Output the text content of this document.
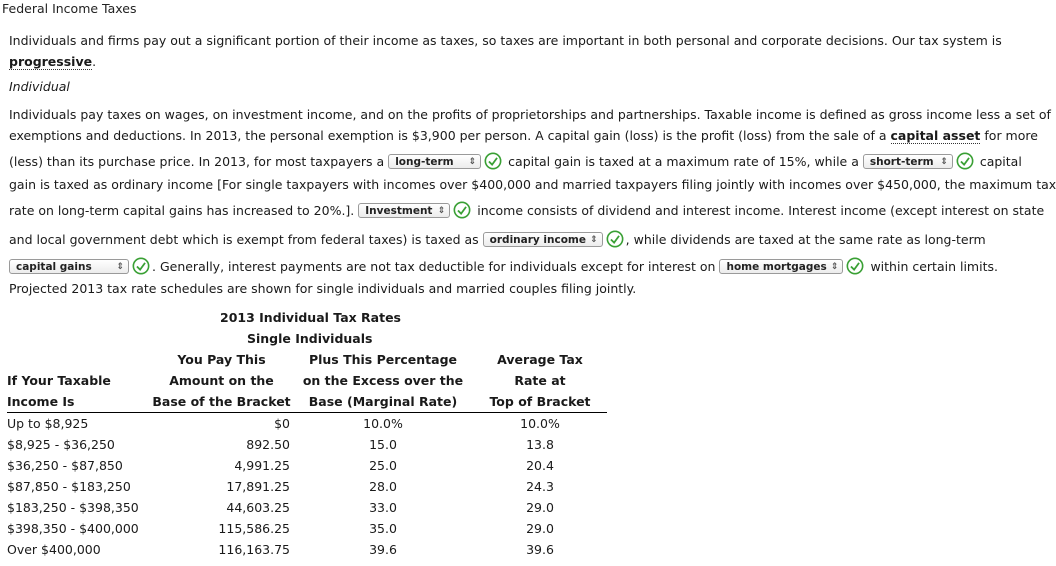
Federal Income Taxes
Individuals and firms pay out a significant portion of their income as taxes, so taxes are important in both personal and corporate decisions. Our tax system is
progressive.
Individual
Individuals pay taxes on wages, on investment income, and on the profits of proprietorships and partnerships. Taxable income is defined as gross income less a set of
exemptions and deductions. In 2013, the personal exemption is $3,900 per person. A capital gain (loss) is the profit (loss) from the sale of a capital asset for more
(less) than its purchase price. In 2013, for most taxpayers a long-term ⇕	capital gain is taxed at a maximum rate of 15%, while a short-term ⇕	capital
gain is taxed as ordinary income [For single taxpayers with incomes over $400,000 and married taxpayers filing jointly with incomes over $450,000, the maximum tax
rate on long-term capital gains has increased to 20%.]. Investment ⇕	income consists of dividend and interest income. Interest income (except interest on state
and local government debt which is exempt from federal taxes) is taxed as ordinary income ⇕ , while dividends are taxed at the same rate as long-term
capital gains	⇕ . Generally, interest payments are not tax deductible for individuals except for interest on home mortgages ⇕	within certain limits.
Projected 2013 tax rate schedules are shown for single individuals and married couples filing jointly.
2013 Individual Tax Rates			
Single Individuals			
	You Pay This	Plus This Percentage	Average Tax
If Your Taxable	Amount on the	on the Excess over the	Rate at
Income Is	Base of the Bracket	Base (Marginal Rate)	Top of Bracket
Up to $8,925	$0	10.0%	10.0%
$8,925 - $36,250	892.50	15.0	13.8
$36,250 - $87,850	4,991.25	25.0	20.4
$87,850 - $183,250	17,891.25	28.0	24.3
$183,250 - $398,350	44,603.25	33.0	29.0
$398,350 - $400,000	115,586.25	35.0	29.0
Over $400,000	116,163.75	39.6	39.6
